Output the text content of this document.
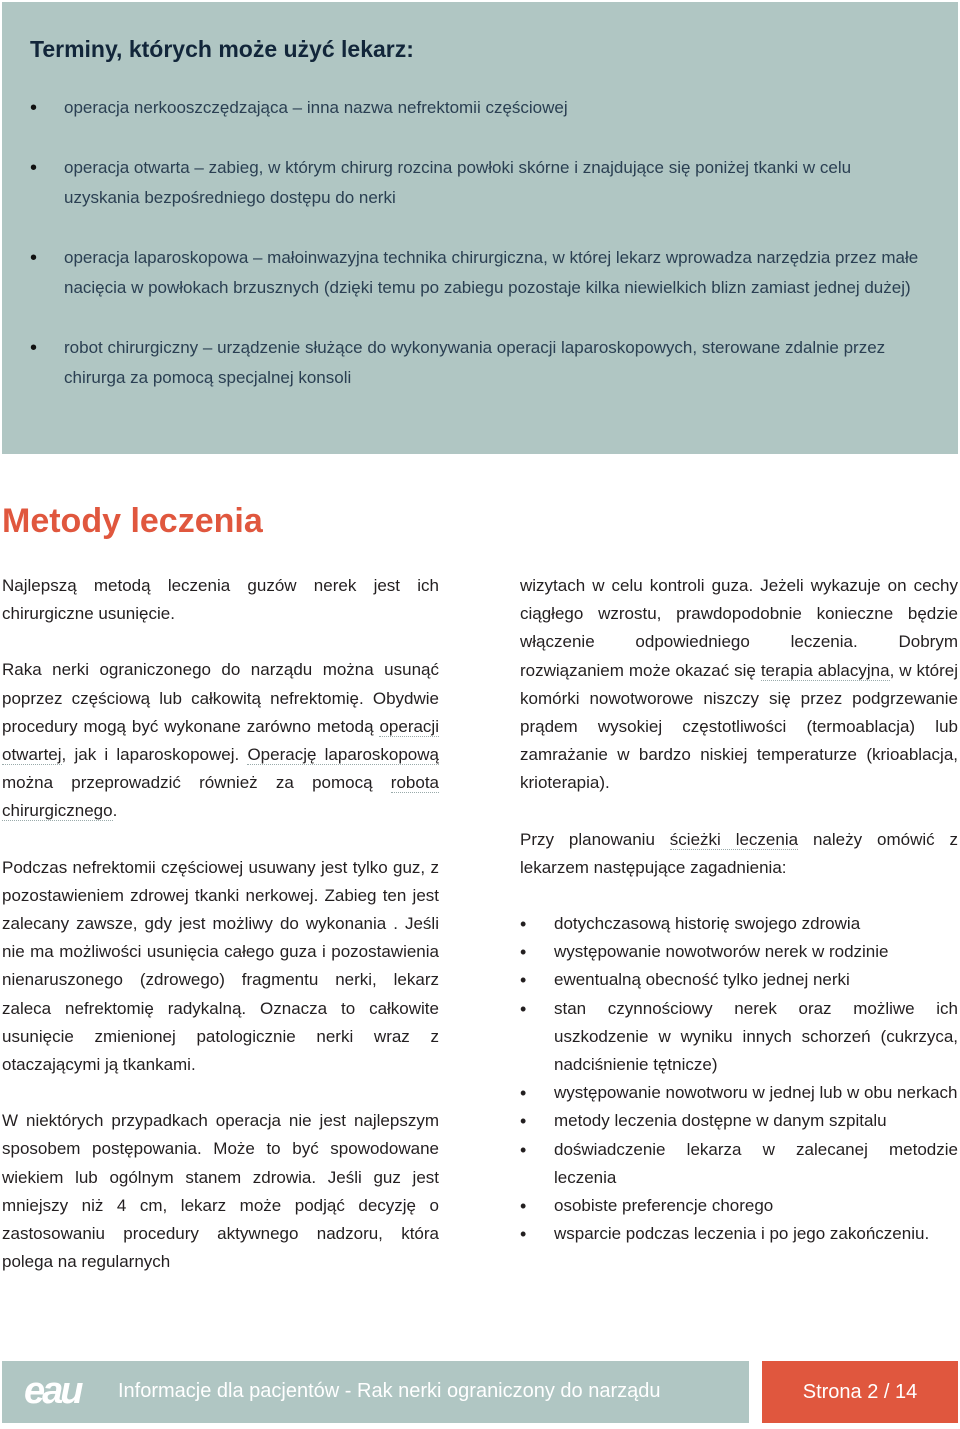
Terminy, których może użyć lekarz:
• operacja nerkooszczędzająca – inna nazwa nefrektomii częściowej
• operacja otwarta – zabieg, w którym chirurg rozcina powłoki skórne i znajdujące się poniżej tkanki w celu uzyskania bezpośredniego dostępu do nerki
• operacja laparoskopowa – małoinwazyjna technika chirurgiczna, w której lekarz wprowadza narzędzia przez małe nacięcia w powłokach brzusznych (dzięki temu po zabiegu pozostaje kilka niewielkich blizn zamiast jednej dużej)
• robot chirurgiczny – urządzenie służące do wykonywania operacji laparoskopowych, sterowane zdalnie przez chirurga za pomocą specjalnej konsoli
Metody leczenia

Najlepszą metodą leczenia guzów nerek jest ich chirurgiczne usunięcie.

Raka nerki ograniczonego do narządu można usunąć poprzez częściową lub całkowitą nefrektomię. Obydwie procedury mogą być wykonane zarówno metodą operacji otwartej, jak i laparoskopowej. Operację laparoskopową można przeprowadzić również za pomocą robota chirurgicznego.

Podczas nefrektomii częściowej usuwany jest tylko guz, z pozostawieniem zdrowej tkanki nerkowej. Zabieg ten jest zalecany zawsze, gdy jest możliwy do wykonania . Jeśli nie ma możliwości usunięcia całego guza i pozostawienia nienaruszonego (zdrowego) fragmentu nerki, lekarz zaleca nefrektomię radykalną. Oznacza to całkowite usunięcie zmienionej patologicznie nerki wraz z otaczającymi ją tkankami.

W niektórych przypadkach operacja nie jest najlepszym sposobem postępowania. Może to być spowodowane wiekiem lub ogólnym stanem zdrowia. Jeśli guz jest mniejszy niż 4 cm, lekarz może podjąć decyzję o zastosowaniu procedury aktywnego nadzoru, która polega na regularnych

wizytach w celu kontroli guza. Jeżeli wykazuje on cechy ciągłego wzrostu, prawdopodobnie konieczne będzie włączenie odpowiedniego leczenia. Dobrym rozwiązaniem może okazać się terapia ablacyjna, w której komórki nowotworowe niszczy się przez podgrzewanie prądem wysokiej częstotliwości (termoablacja) lub zamrażanie w bardzo niskiej temperaturze (krioablacja, krioterapia).

Przy planowaniu ścieżki leczenia należy omówić z lekarzem następujące zagadnienia:

• dotychczasową historię swojego zdrowia
• występowanie nowotworów nerek w rodzinie
• ewentualną obecność tylko jednej nerki
• stan czynnościowy nerek oraz możliwe ich uszkodzenie w wyniku innych schorzeń (cukrzyca, nadciśnienie tętnicze)
• występowanie nowotworu w jednej lub w obu nerkach
• metody leczenia dostępne w danym szpitalu
• doświadczenie lekarza w zalecanej metodzie leczenia
• osobiste preferencje chorego
• wsparcie podczas leczenia i po jego zakończeniu.
eau Informacje dla pacjentów - Rak nerki ograniczony do narządu	Strona 2 / 14
